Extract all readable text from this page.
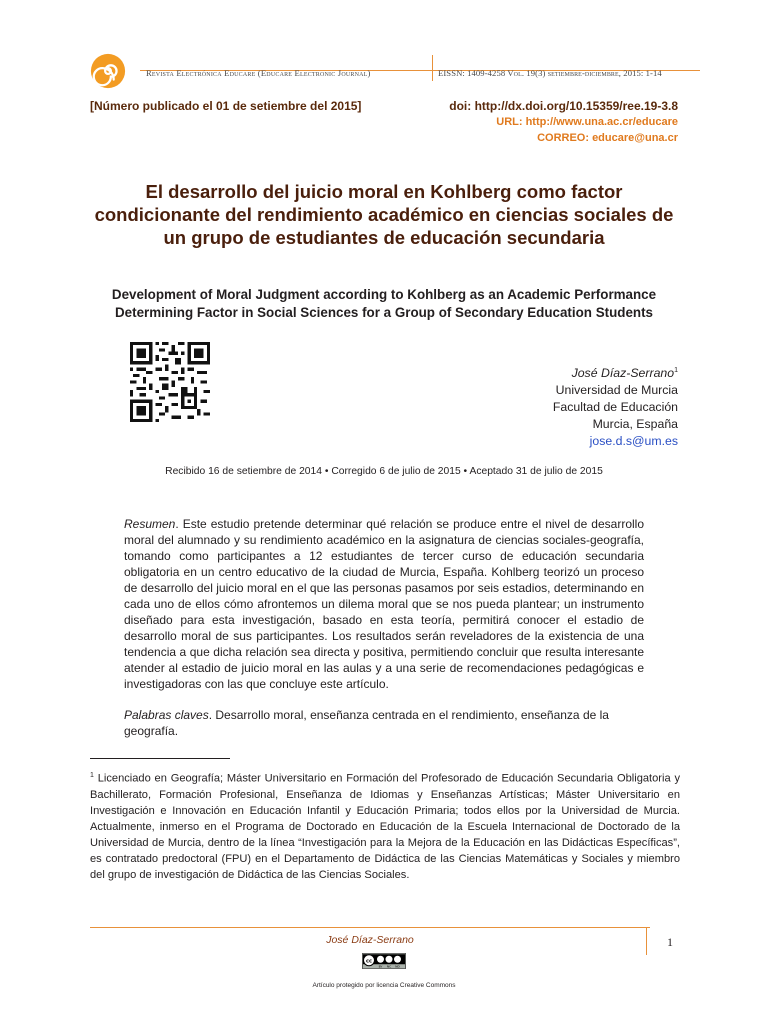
Revista Electrónica Educare (Educare Electronic Journal)	EISSN: 1409-4258 Vol. 19(3) setiembre-diciembre, 2015: 1-14
[Número publicado el 01 de setiembre del 2015]	doi: http://dx.doi.org/10.15359/ree.19-3.8
URL: http://www.una.ac.cr/educare
CORREO: educare@una.cr
El desarrollo del juicio moral en Kohlberg como factor condicionante del rendimiento académico en ciencias sociales de un grupo de estudiantes de educación secundaria
Development of Moral Judgment according to Kohlberg as an Academic Performance Determining Factor in Social Sciences for a Group of Secondary Education Students
José Díaz-Serrano$^1$
Universidad de Murcia
Facultad de Educación
Murcia, España
jose.d.s@um.es
Recibido 16 de setiembre de 2014 • Corregido 6 de julio de 2015 • Aceptado 31 de julio de 2015
Resumen. Este estudio pretende determinar qué relación se produce entre el nivel de desarrollo moral del alumnado y su rendimiento académico en la asignatura de ciencias sociales-geografía, tomando como participantes a 12 estudiantes de tercer curso de educación secundaria obligatoria en un centro educativo de la ciudad de Murcia, España. Kohlberg teorizó un proceso de desarrollo del juicio moral en el que las personas pasamos por seis estadios, determinando en cada uno de ellos cómo afrontemos un dilema moral que se nos pueda plantear; un instrumento diseñado para esta investigación, basado en esta teoría, permitirá conocer el estadio de desarrollo moral de sus participantes. Los resultados serán reveladores de la existencia de una tendencia a que dicha relación sea directa y positiva, permitiendo concluir que resulta interesante atender al estadio de juicio moral en las aulas y a una serie de recomendaciones pedagógicas e investigadoras con las que concluye este artículo.
Palabras claves. Desarrollo moral, enseñanza centrada en el rendimiento, enseñanza de la geografía.
$^1$ Licenciado en Geografía; Máster Universitario en Formación del Profesorado de Educación Secundaria Obligatoria y Bachillerato, Formación Profesional, Enseñanza de Idiomas y Enseñanzas Artísticas; Máster Universitario en Investigación e Innovación en Educación Infantil y Educación Primaria; todos ellos por la Universidad de Murcia. Actualmente, inmerso en el Programa de Doctorado en Educación de la Escuela Internacional de Doctorado de la Universidad de Murcia, dentro de la línea “Investigación para la Mejora de la Educación en las Didácticas Específicas”, es contratado predoctoral (FPU) en el Departamento de Didáctica de las Ciencias Matemáticas y Sociales y miembro del grupo de investigación de Didáctica de las Ciencias Sociales.
José Díaz-Serrano	1
cc
BY NC ND
Artículo protegido por licencia Creative Commons
